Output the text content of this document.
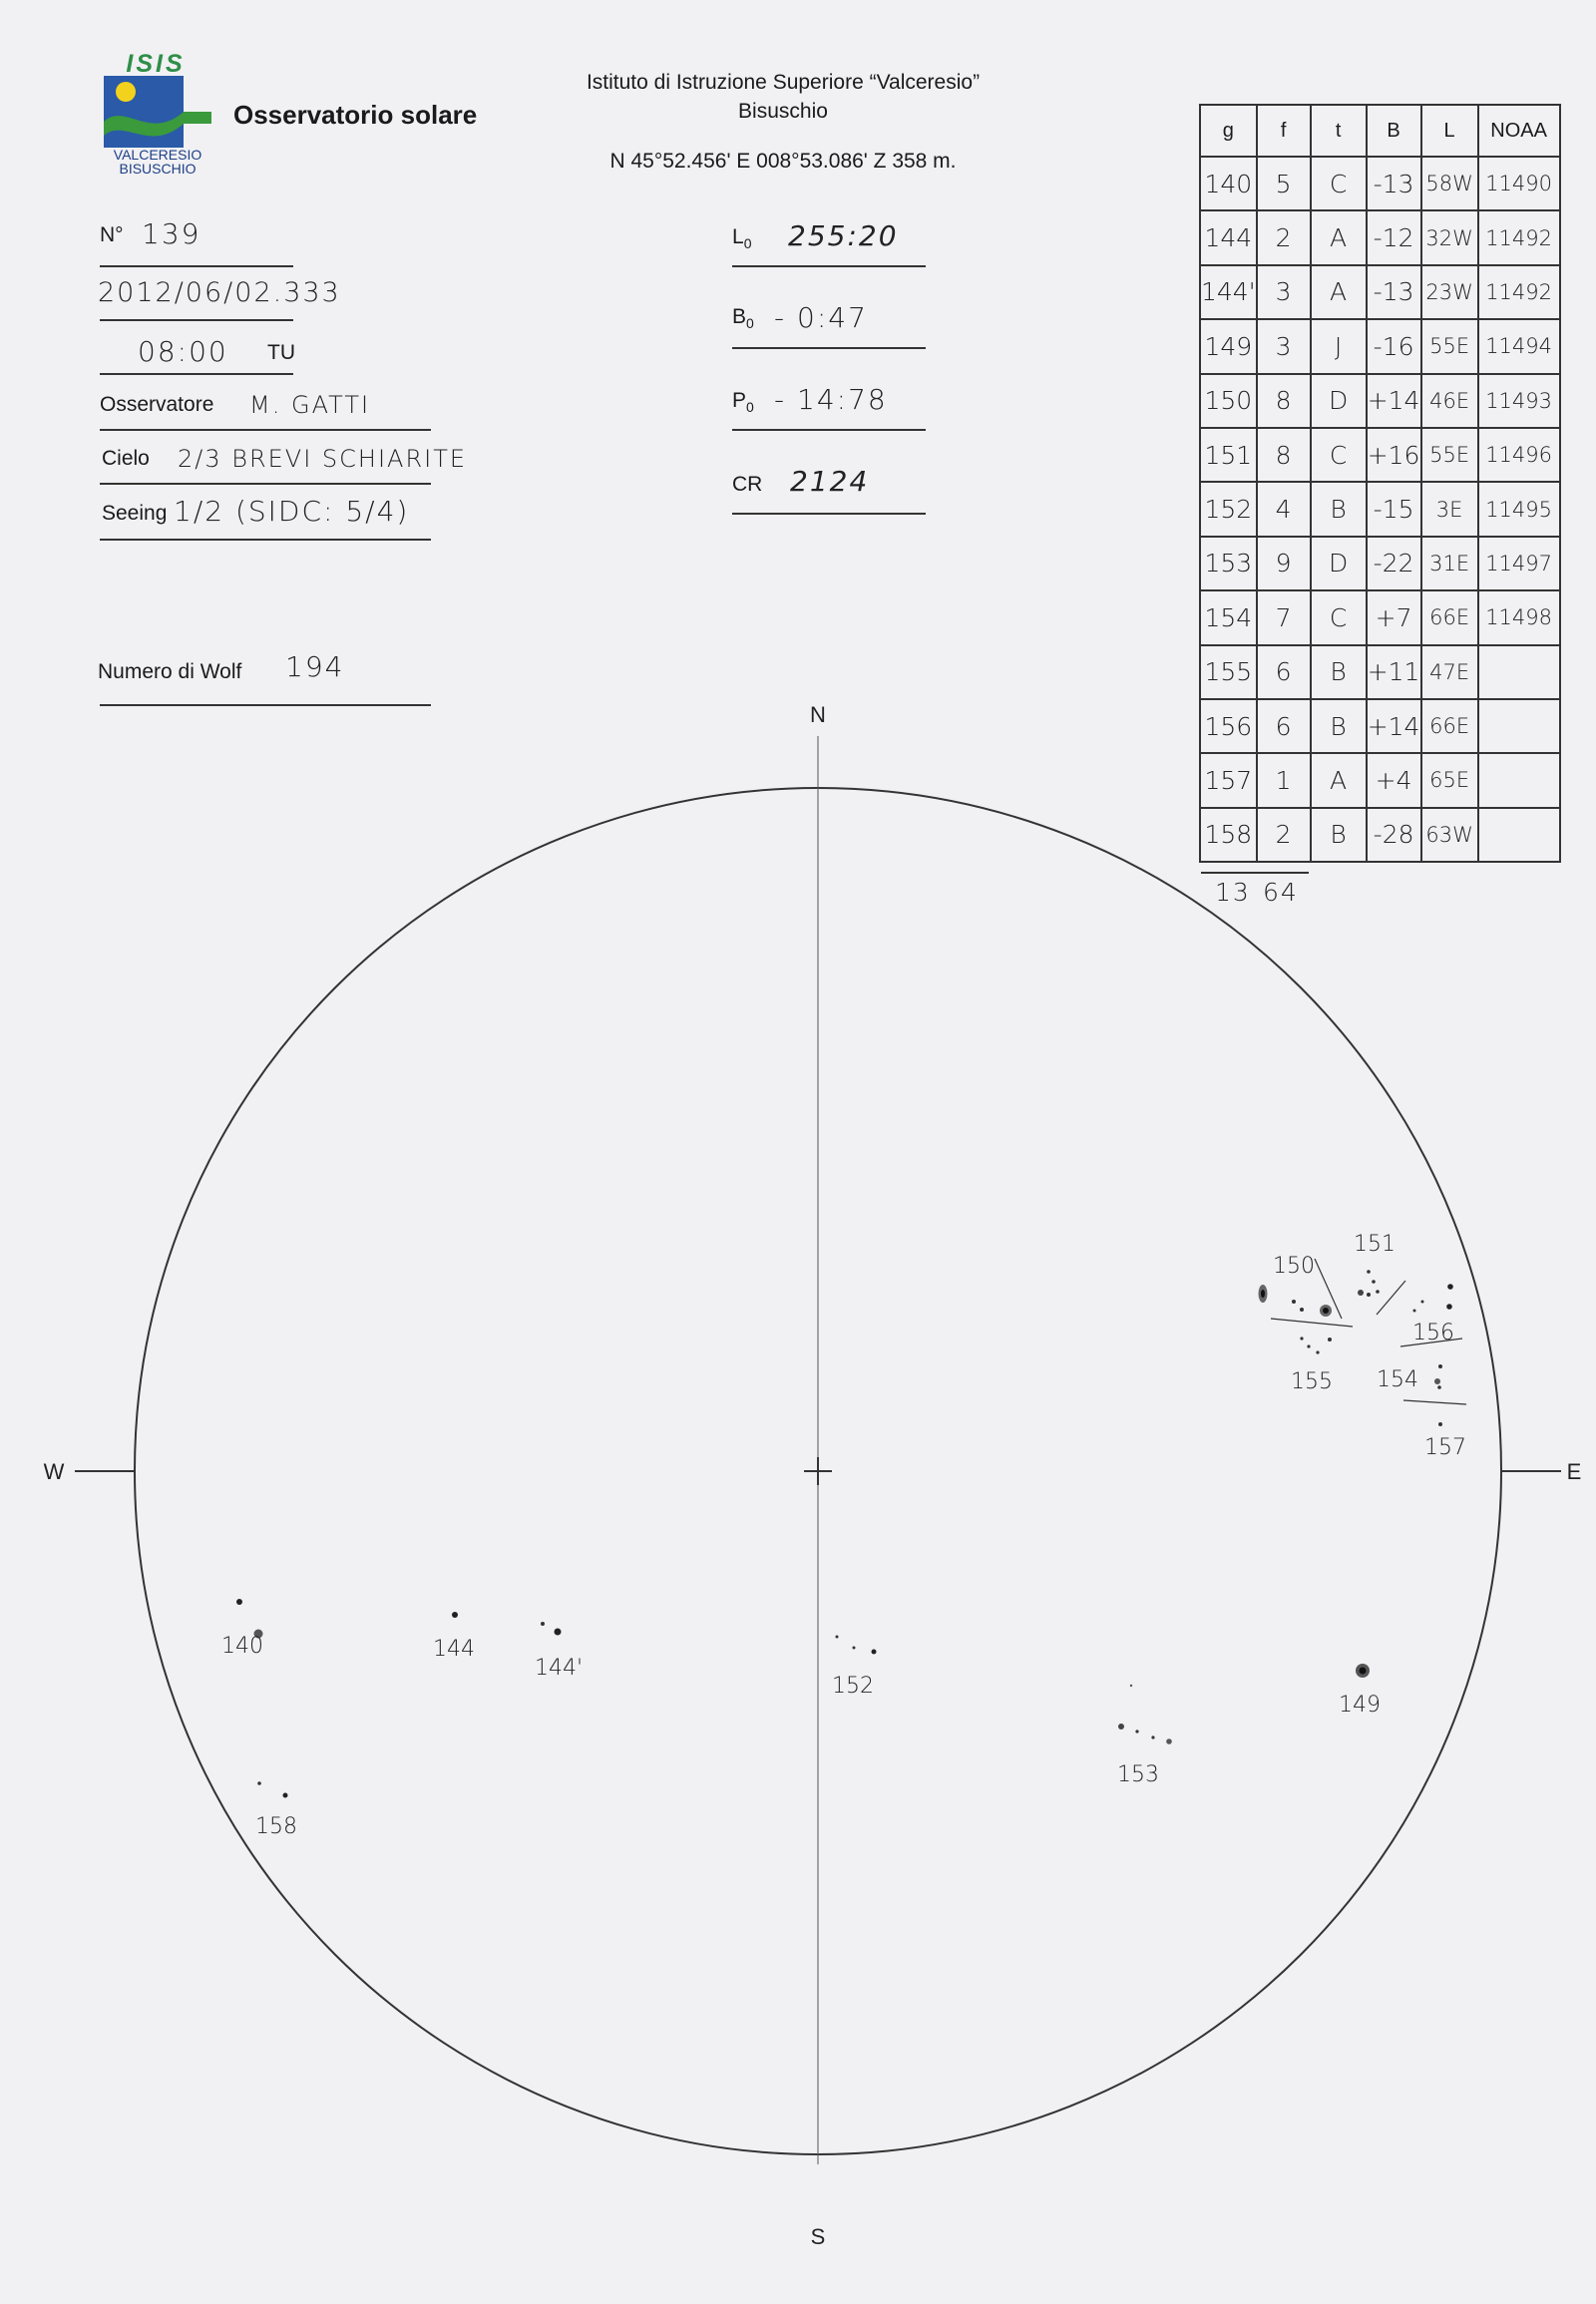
ISIS
VALCERESIO
BISUSCHIO
Osservatorio solare
Istituto di Istruzione Superiore “Valceresio”
Bisuschio
N 45°52.456' E 008°53.086' Z 358 m.
N° 139
2012/06/02.333
08:00 TU
Osservatore M. GATTI
Cielo 2/3 BREVI SCHIARITE
Seeing 1/2 (SIDC: 5/4)
Numero di Wolf 194
$L_0$ 255:20
$B_0$ - 0:47
$P_0$ - 14:78
CR 2124
g	f	t	B	L	NOAA
140	5	C	-13	58W	11490
144	2	A	-12	32W	11492
144'	3	A	-13	23W	11492
149	3	J	-16	55E	11494
150	8	D	+14	46E	11493
151	8	C	+16	55E	11496
152	4	B	-15	3E	11495
153	9	D	-22	31E	11497
154	7	C	+7	66E	11498
155	6	B	+11	47E	
156	6	B	+14	66E	
157	1	A	+4	65E	
158	2	B	-28	63W	
13 64
N
S
W	E
140	144
144'
149
150
151
152
153
154
155
156
157
158
